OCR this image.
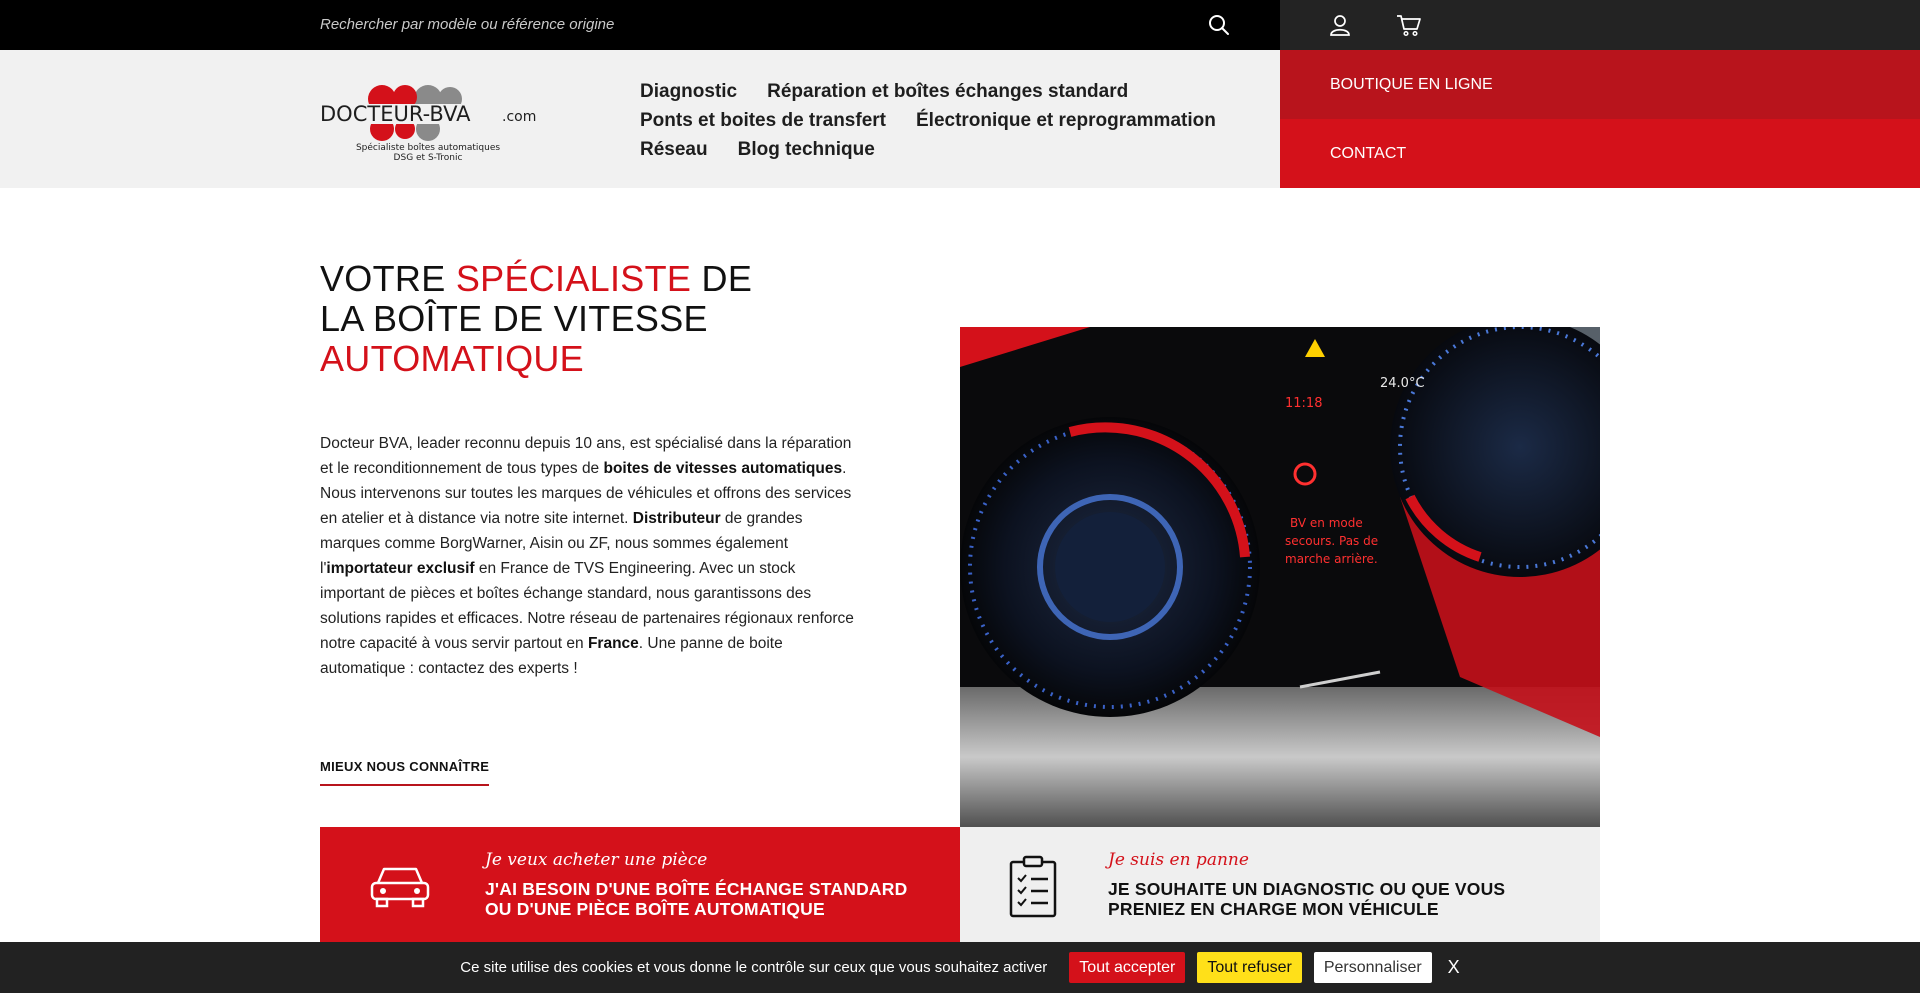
Rechercher par modèle ou référence origine
DOCTEUR-BVA .com
Spécialiste boîtes automatiques
DSG et S-Tronic
Diagnostic Réparation et boîtes échanges standard
Ponts et boites de transfert Électronique et reprogrammation
Réseau Blog technique
BOUTIQUE EN LIGNE
CONTACT
VOTRE SPÉCIALISTE DE LA BOÎTE DE VITESSE AUTOMATIQUE

Docteur BVA, leader reconnu depuis 10 ans, est spécialisé dans la réparation et le reconditionnement de tous types de boites de vitesses automatiques. Nous intervenons sur toutes les marques de véhicules et offrons des services en atelier et à distance via notre site internet. Distributeur de grandes marques comme BorgWarner, Aisin ou ZF, nous sommes également l'importateur exclusif en France de TVS Engineering. Avec un stock important de pièces et boîtes échange standard, nous garantissons des solutions rapides et efficaces. Notre réseau de partenaires régionaux renforce notre capacité à vous servir partout en France. Une panne de boite automatique : contactez des experts !

MIEUX NOUS CONNAÎTRE
11:18
24.0°C
BV en mode
secours. Pas de
marche arrière.
Je veux acheter une pièce
J'AI BESOIN D'UNE BOÎTE ÉCHANGE STANDARD OU D'UNE PIÈCE BOÎTE AUTOMATIQUE
Je suis en panne
JE SOUHAITE UN DIAGNOSTIC OU QUE VOUS PRENIEZ EN CHARGE MON VÉHICULE
Ce site utilise des cookies et vous donne le contrôle sur ceux que vous souhaitez activer	Tout accepter	Tout refuser	Personnaliser	X
